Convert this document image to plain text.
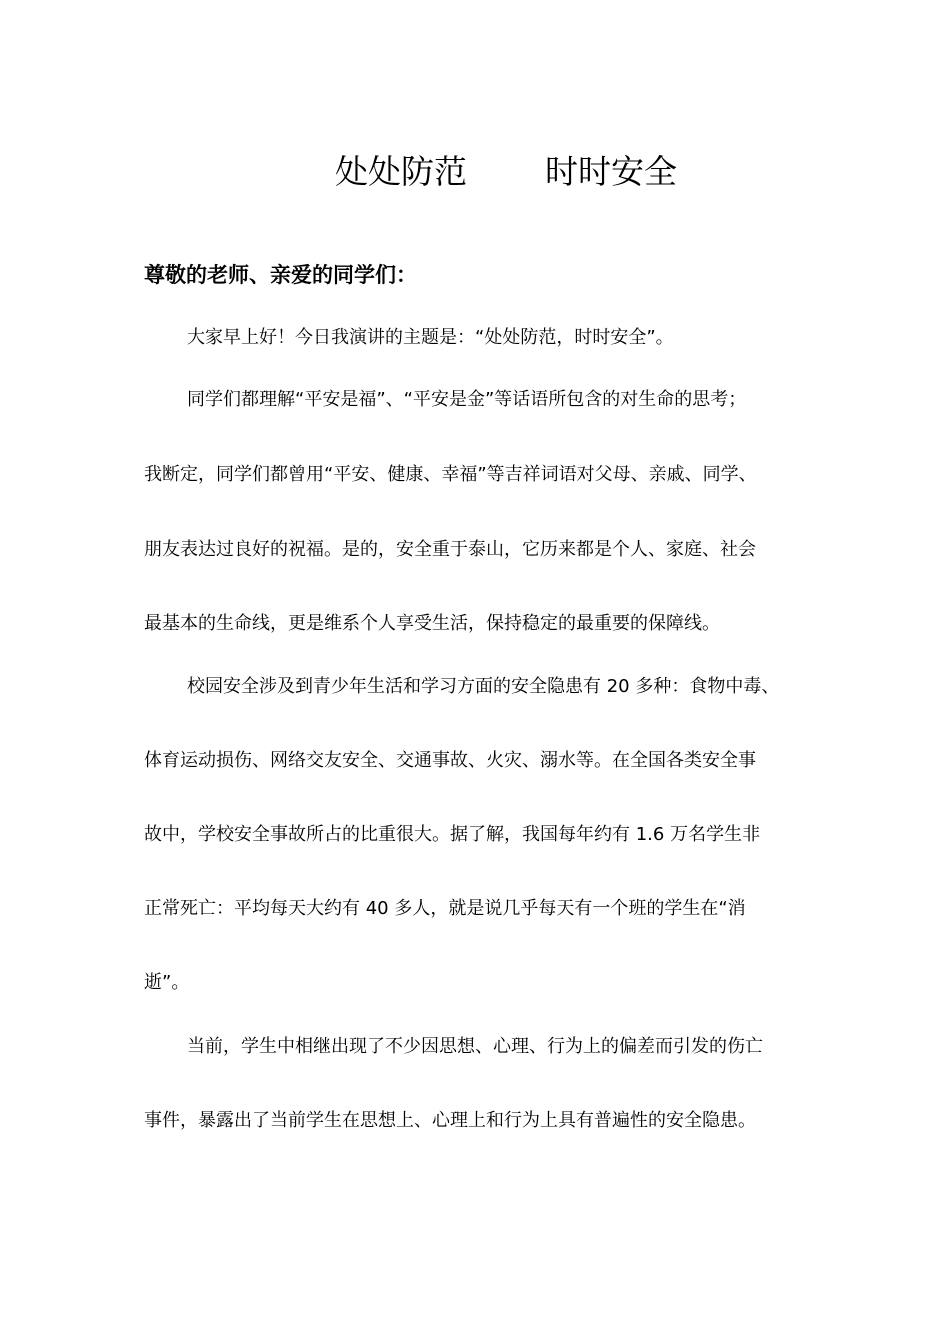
处处防范 时时安全
尊敬的老师、亲爱的同学们：
大家早上好！今日我演讲的主题是：“处处防范，时时安全”。
同学们都理解“平安是福”、“平安是金”等话语所包含的对生命的思考；
我断定，同学们都曾用“平安、健康、幸福”等吉祥词语对父母、亲戚、同学、
朋友表达过良好的祝福。是的，安全重于泰山，它历来都是个人、家庭、社会
最基本的生命线，更是维系个人享受生活，保持稳定的最重要的保障线。
校园安全涉及到青少年生活和学习方面的安全隐患有 20 多种：食物中毒、
体育运动损伤、网络交友安全、交通事故、火灾、溺水等。在全国各类安全事
故中，学校安全事故所占的比重很大。据了解，我国每年约有 1.6 万名学生非
正常死亡：平均每天大约有 40 多人，就是说几乎每天有一个班的学生在“消
逝”。
当前，学生中相继出现了不少因思想、心理、行为上的偏差而引发的伤亡
事件，暴露出了当前学生在思想上、心理上和行为上具有普遍性的安全隐患。
